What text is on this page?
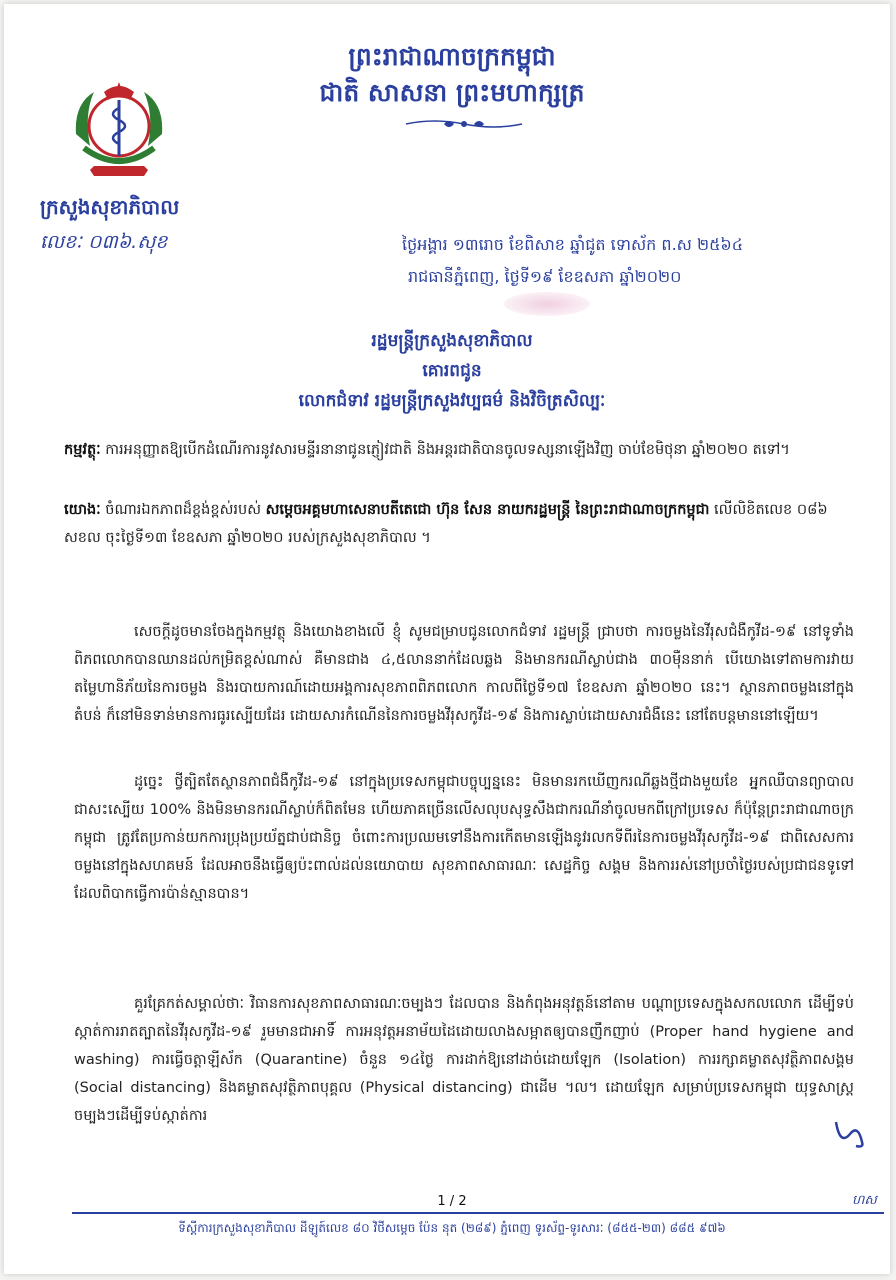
ព្រះរាជាណាចក្រកម្ពុជា
ជាតិ សាសនា ព្រះមហាក្សត្រ
ក្រសួងសុខាភិបាល
លេខៈ ០៣៦.សុខ	ថ្ងៃអង្គារ ១៣រោច ខែពិសាខ ឆ្នាំជូត ទោស័ក ព.ស ២៥៦៤
រាជធានីភ្នំពេញ, ថ្ងៃទី១៩ ខែឧសភា ឆ្នាំ២០២០
រដ្ឋមន្ត្រីក្រសួងសុខាភិបាល
គោរពជូន
លោកជំទាវ រដ្ឋមន្ត្រីក្រសួងវប្បធម៌ និងវិចិត្រសិល្បៈ
កម្មវត្ថុៈ ការអនុញ្ញាតឱ្យបើកដំណើរការនូវសារមន្ទីរនានាជូនភ្ញៀវជាតិ និងអន្តរជាតិបានចូលទស្សនាឡើងវិញ ចាប់ខែមិថុនា ឆ្នាំ២០២០ តទៅ។
យោងៈ ចំណារឯកភាពដ៏ខ្ពង់ខ្ពស់របស់ សម្តេចអគ្គមហាសេនាបតីតេជោ ហ៊ុន សែន នាយករដ្ឋមន្ត្រី នៃព្រះរាជាណាចក្រកម្ពុជា លើលិខិតលេខ ០៨៦ សខល ចុះថ្ងៃទី១៣ ខែឧសភា ឆ្នាំ២០២០ របស់ក្រសួងសុខាភិបាល ។
សេចក្តីដូចមានចែងក្នុងកម្មវត្ថុ និងយោងខាងលើ ខ្ញុំ សូមជម្រាបជូនលោកជំទាវ រដ្ឋមន្ត្រី ជ្រាបថា ការចម្លងនៃវីរុសជំងឺកូវីដ-១៩ នៅទូទាំងពិភពលោកបានឈានដល់កម្រិតខ្ពស់ណាស់ គឺមានជាង ៤,៥លាននាក់ដែលឆ្លង និងមានករណីស្លាប់ជាង ៣០ម៉ឺននាក់ បើយោងទៅតាមការវាយតម្លៃហានិភ័យនៃការចម្លង និងរបាយការណ៍ដោយអង្គការសុខភាពពិភពលោក កាលពីថ្ងៃទី១៧ ខែឧសភា ឆ្នាំ២០២០ នេះ។ ស្ថានភាពចម្លងនៅក្នុងតំបន់ ក៏នៅមិនទាន់មានការធូរស្បើយដែរ ដោយសារកំណើននៃការចម្លងវីរុសកូវីដ-១៩ និងការស្លាប់ដោយសារជំងឺនេះ នៅតែបន្តមាននៅឡើយ។
ដូច្នេះ ថ្វីត្បិតតែស្ថានភាពជំងឺកូវីដ-១៩ នៅក្នុងប្រទេសកម្ពុជាបច្ចុប្បន្ននេះ មិនមានរកឃើញករណីឆ្លងថ្មីជាងមួយខែ អ្នកឈឺបានព្យាបាលជាសះស្បើយ 100% និងមិនមានករណីស្លាប់ក៏ពិតមែន ហើយភាគច្រើនលើសលុបសុទ្ធសឹងជាករណីនាំចូលមកពីក្រៅប្រទេស ក៏ប៉ុន្តែព្រះរាជាណាចក្រកម្ពុជា ត្រូវតែប្រកាន់យកការប្រុងប្រយ័ត្នជាប់ជានិច្ច ចំពោះការប្រឈមទៅនឹងការកើតមានឡើងនូវរលកទីពីរនៃការចម្លងវីរុសកូវីដ-១៩ ជាពិសេសការចម្លងនៅក្នុងសហគមន៍ ដែលអាចនឹងធ្វើឲ្យប៉ះពាល់ដល់នយោបាយ សុខភាពសាធារណៈ សេដ្ឋកិច្ច សង្គម និងការរស់នៅប្រចាំថ្ងៃរបស់ប្រជាជនទូទៅ ដែលពិបាកធ្វើការប៉ាន់ស្មានបាន។
គួរគ្រែកត់សម្គាល់ថាៈ វិធានការសុខភាពសាធារណៈចម្បងៗ ដែលបាន និងកំពុងអនុវត្តន៍នៅតាម បណ្តាប្រទេសក្នុងសកលលោក ដើម្បីទប់ស្កាត់ការរាតត្បាតនៃវីរុសកូវីដ-១៩ រួមមានជាអាទិ៍ ការអនុវត្តអនាម័យដៃដោយលាងសម្អាតឲ្យបានញឹកញាប់ (Proper hand hygiene and washing) ការធ្វើចត្តាឡីស័ក (Quarantine) ចំនួន ១៤ថ្ងៃ ការដាក់ឱ្យនៅដាច់ដោយឡែក (Isolation) ការរក្សាគម្លាតសុវត្ថិភាពសង្គម (Social distancing) និងគម្លាតសុវត្ថិភាពបុគ្គល (Physical distancing) ជាដើម ។ល។ ដោយឡែក សម្រាប់ប្រទេសកម្ពុជា យុទ្ធសាស្ត្រចម្បងៗដើម្បីទប់ស្កាត់ការ
1 / 2	ហស
ទីស្តីការក្រសួងសុខាភិបាល ដីឡូត៍លេខ ៨០ វិថីសម្តេច ប៉ែន នុត (២៨៩) ភ្នំពេញ ទូរស័ព្ទ-ទូរសារៈ (៨៥៥-២៣) ៨៨៥ ៩៧៦
